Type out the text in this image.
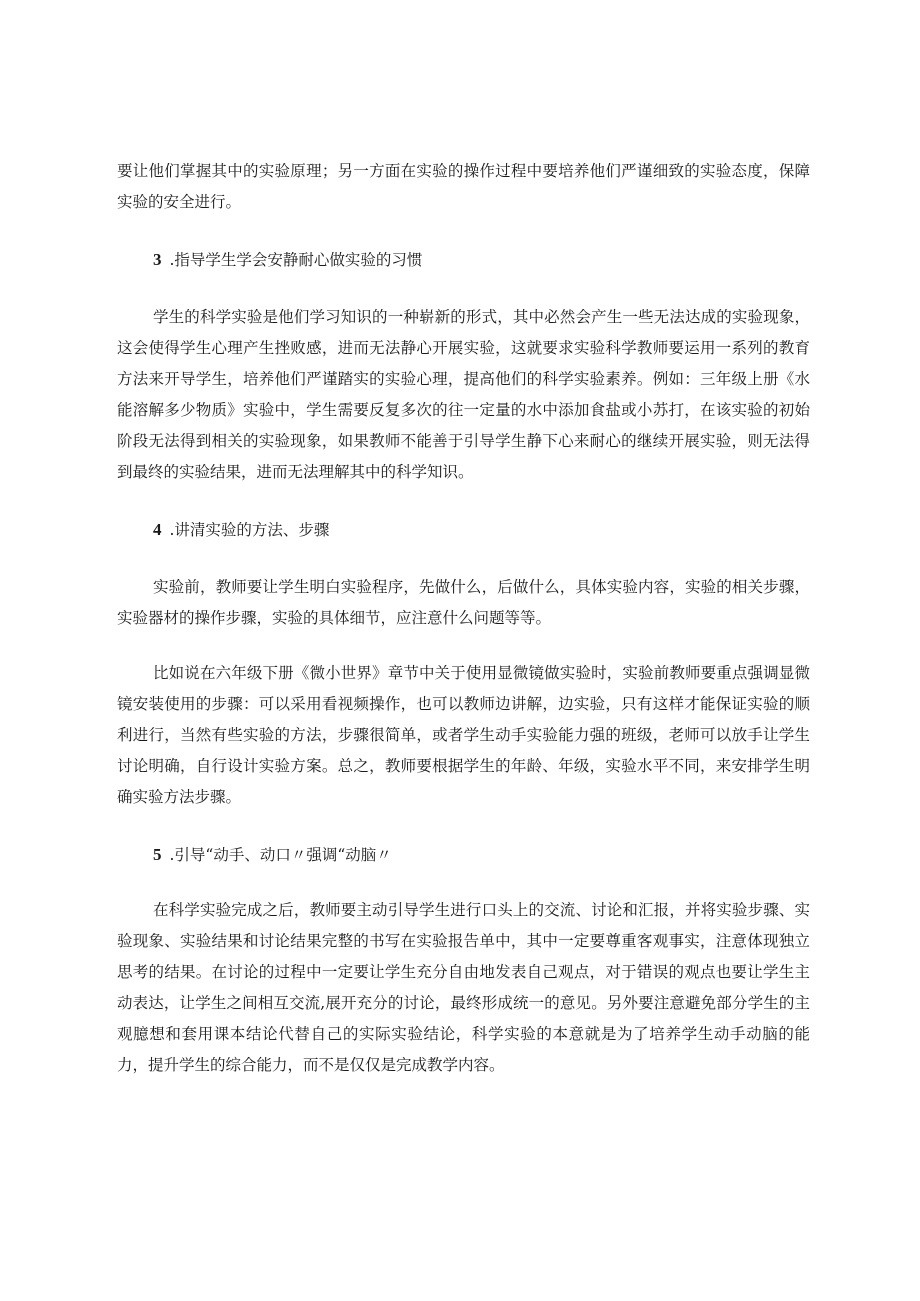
要让他们掌握其中的实验原理；另一方面在实验的操作过程中要培养他们严谨细致的实验态度，保障实验的安全进行。

3 .指导学生学会安静耐心做实验的习惯

学生的科学实验是他们学习知识的一种崭新的形式，其中必然会产生一些无法达成的实验现象，这会使得学生心理产生挫败感，进而无法静心开展实验，这就要求实验科学教师要运用一系列的教育方法来开导学生，培养他们严谨踏实的实验心理，提高他们的科学实验素养。例如：三年级上册《水能溶解多少物质》实验中，学生需要反复多次的往一定量的水中添加食盐或小苏打，在该实验的初始阶段无法得到相关的实验现象，如果教师不能善于引导学生静下心来耐心的继续开展实验，则无法得到最终的实验结果，进而无法理解其中的科学知识。

4 .讲清实验的方法、步骤

实验前，教师要让学生明白实验程序，先做什么，后做什么，具体实验内容，实验的相关步骤，实验器材的操作步骤，实验的具体细节，应注意什么问题等等。

比如说在六年级下册《微小世界》章节中关于使用显微镜做实验时，实验前教师要重点强调显微镜安装使用的步骤：可以采用看视频操作，也可以教师边讲解，边实验，只有这样才能保证实验的顺利进行，当然有些实验的方法，步骤很简单，或者学生动手实验能力强的班级，老师可以放手让学生讨论明确，自行设计实验方案。总之，教师要根据学生的年龄、年级，实验水平不同，来安排学生明确实验方法步骤。

5 .引导“动手、动口〃强调“动脑〃

在科学实验完成之后，教师要主动引导学生进行口头上的交流、讨论和汇报，并将实验步骤、实验现象、实验结果和讨论结果完整的书写在实验报告单中，其中一定要尊重客观事实，注意体现独立思考的结果。在讨论的过程中一定要让学生充分自由地发表自己观点，对于错误的观点也要让学生主动表达，让学生之间相互交流,展开充分的讨论，最终形成统一的意见。另外要注意避免部分学生的主观臆想和套用课本结论代替自己的实际实验结论，科学实验的本意就是为了培养学生动手动脑的能力，提升学生的综合能力，而不是仅仅是完成教学内容。
